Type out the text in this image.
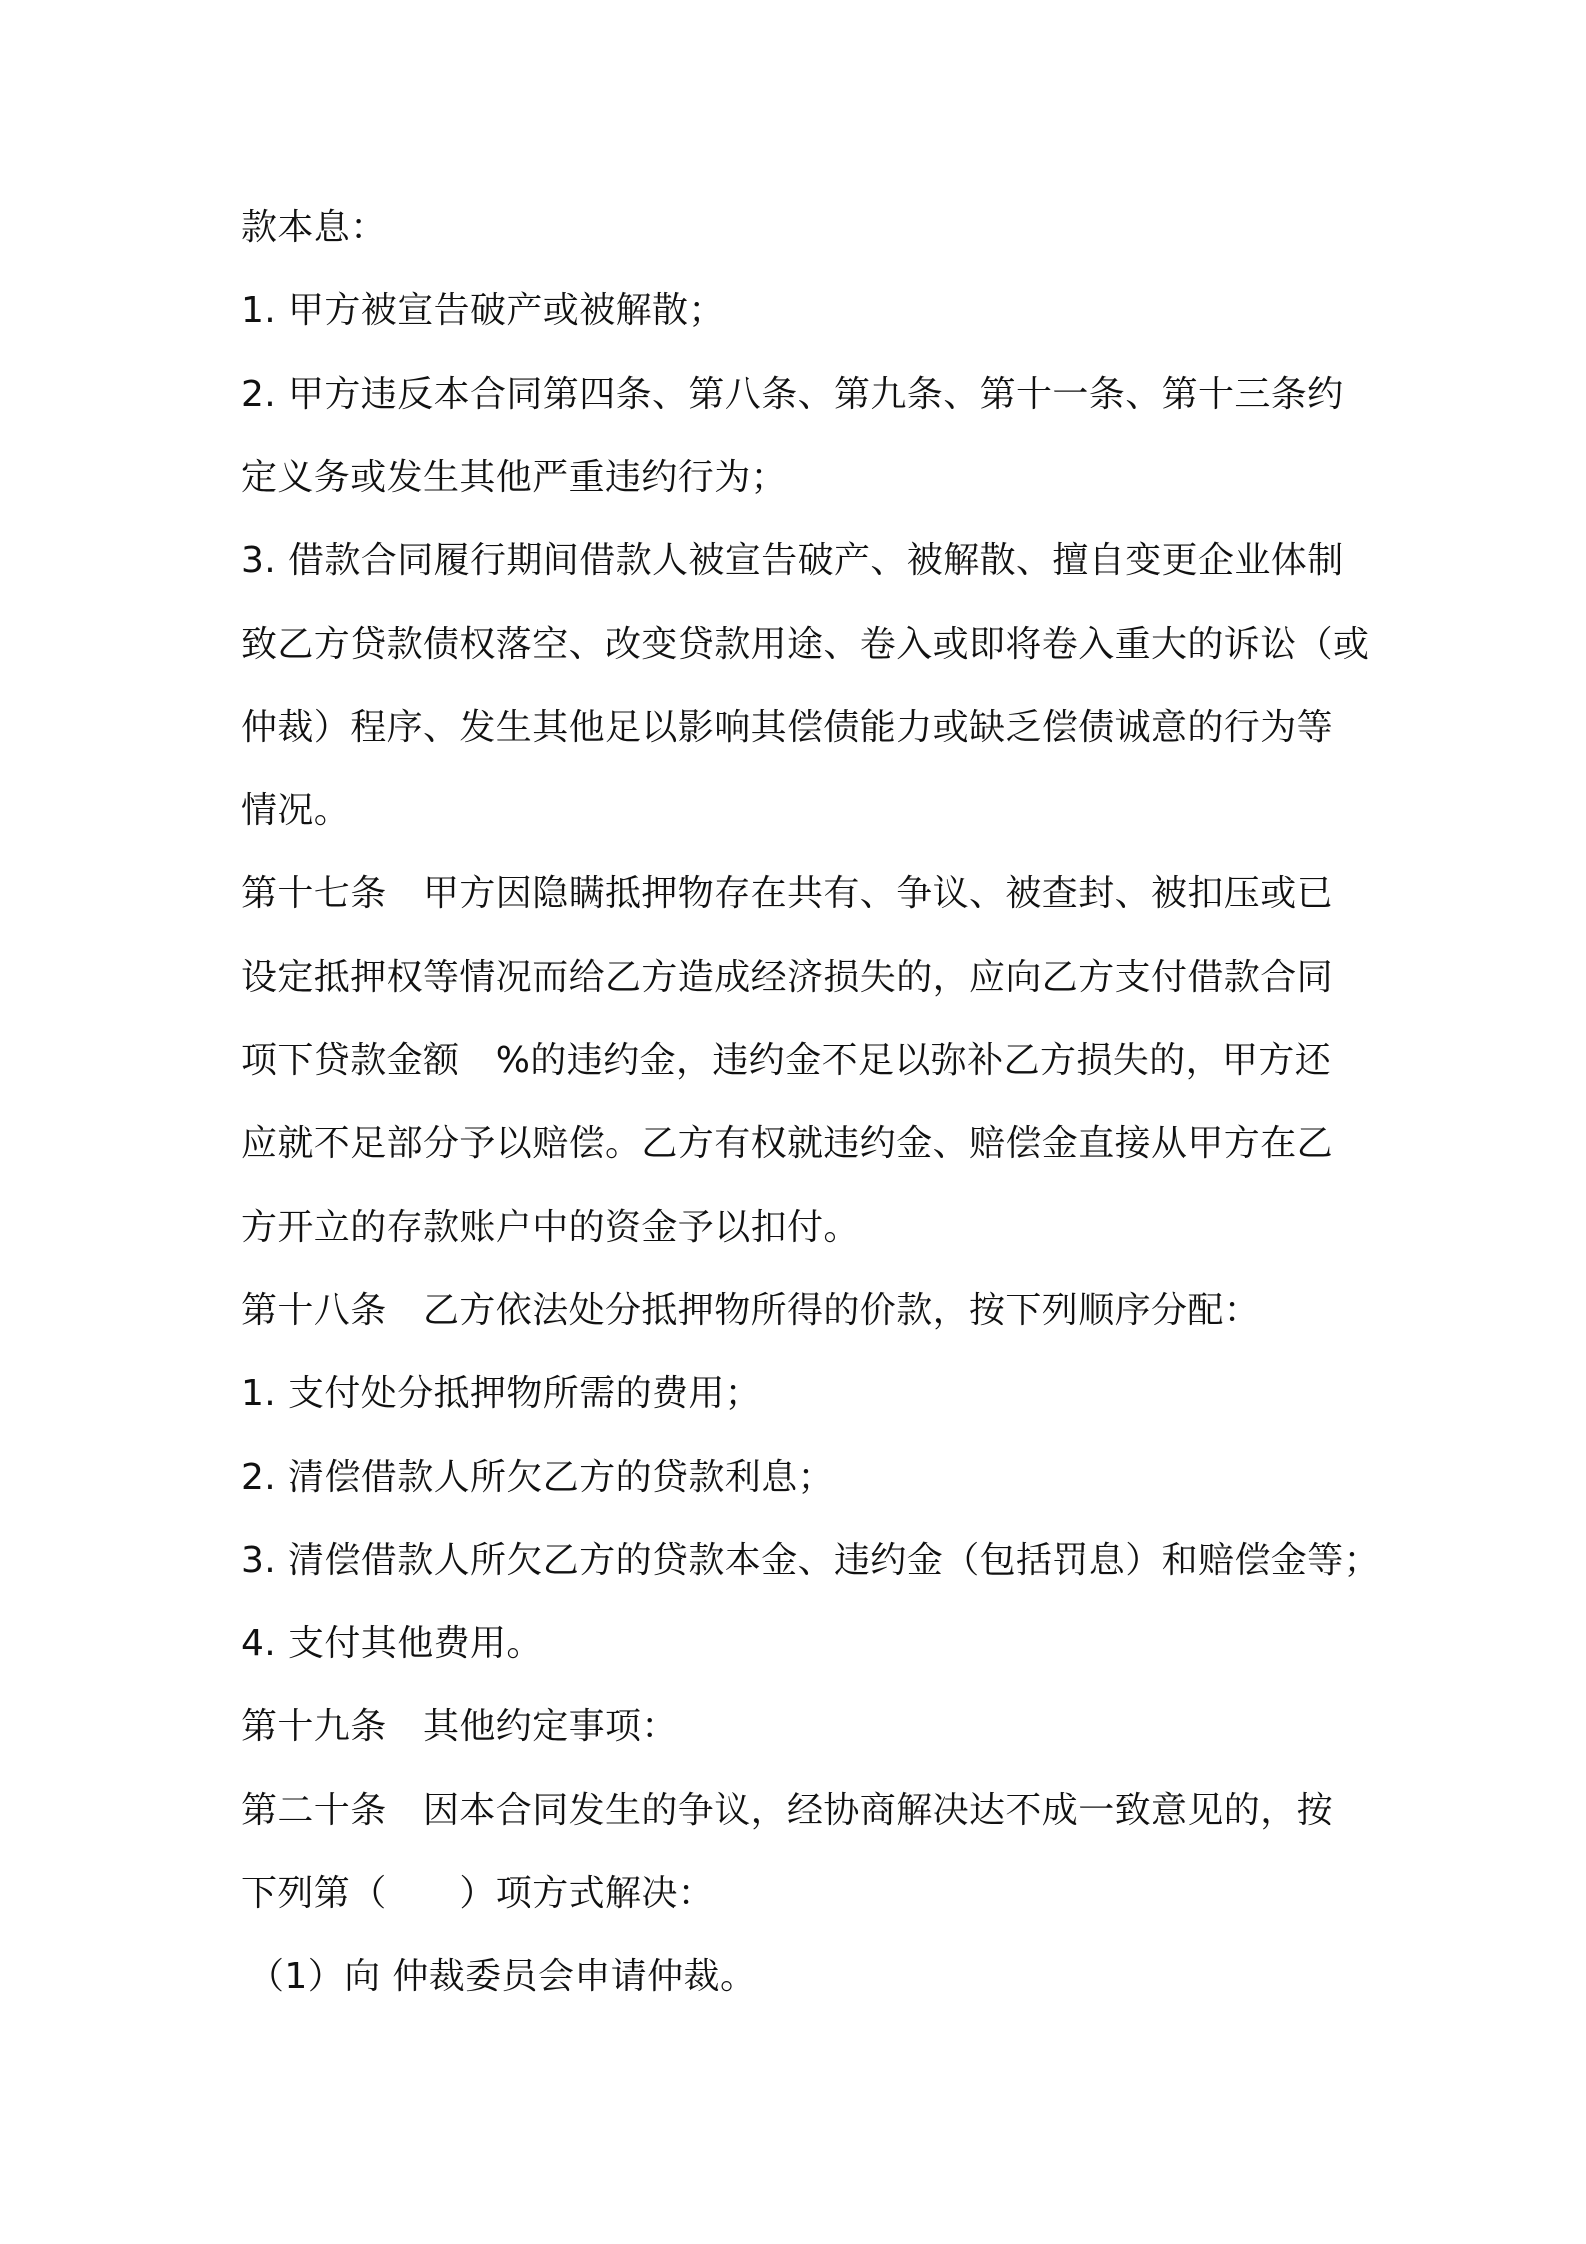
款本息：
1. 甲方被宣告破产或被解散；
2. 甲方违反本合同第四条、第八条、第九条、第十一条、第十三条约
定义务或发生其他严重违约行为；
3. 借款合同履行期间借款人被宣告破产、被解散、擅自变更企业体制
致乙方贷款债权落空、改变贷款用途、卷入或即将卷入重大的诉讼（或
仲裁）程序、发生其他足以影响其偿债能力或缺乏偿债诚意的行为等
情况。
第十七条　甲方因隐瞒抵押物存在共有、争议、被查封、被扣压或已
设定抵押权等情况而给乙方造成经济损失的，应向乙方支付借款合同
项下贷款金额　%的违约金，违约金不足以弥补乙方损失的，甲方还
应就不足部分予以赔偿。乙方有权就违约金、赔偿金直接从甲方在乙
方开立的存款账户中的资金予以扣付。
第十八条　乙方依法处分抵押物所得的价款，按下列顺序分配：
1. 支付处分抵押物所需的费用；
2. 清偿借款人所欠乙方的贷款利息；
3. 清偿借款人所欠乙方的贷款本金、违约金（包括罚息）和赔偿金等；
4. 支付其他费用。
第十九条　其他约定事项：
第二十条　因本合同发生的争议，经协商解决达不成一致意见的，按
下列第（　　）项方式解决：
（1）向 仲裁委员会申请仲裁。
